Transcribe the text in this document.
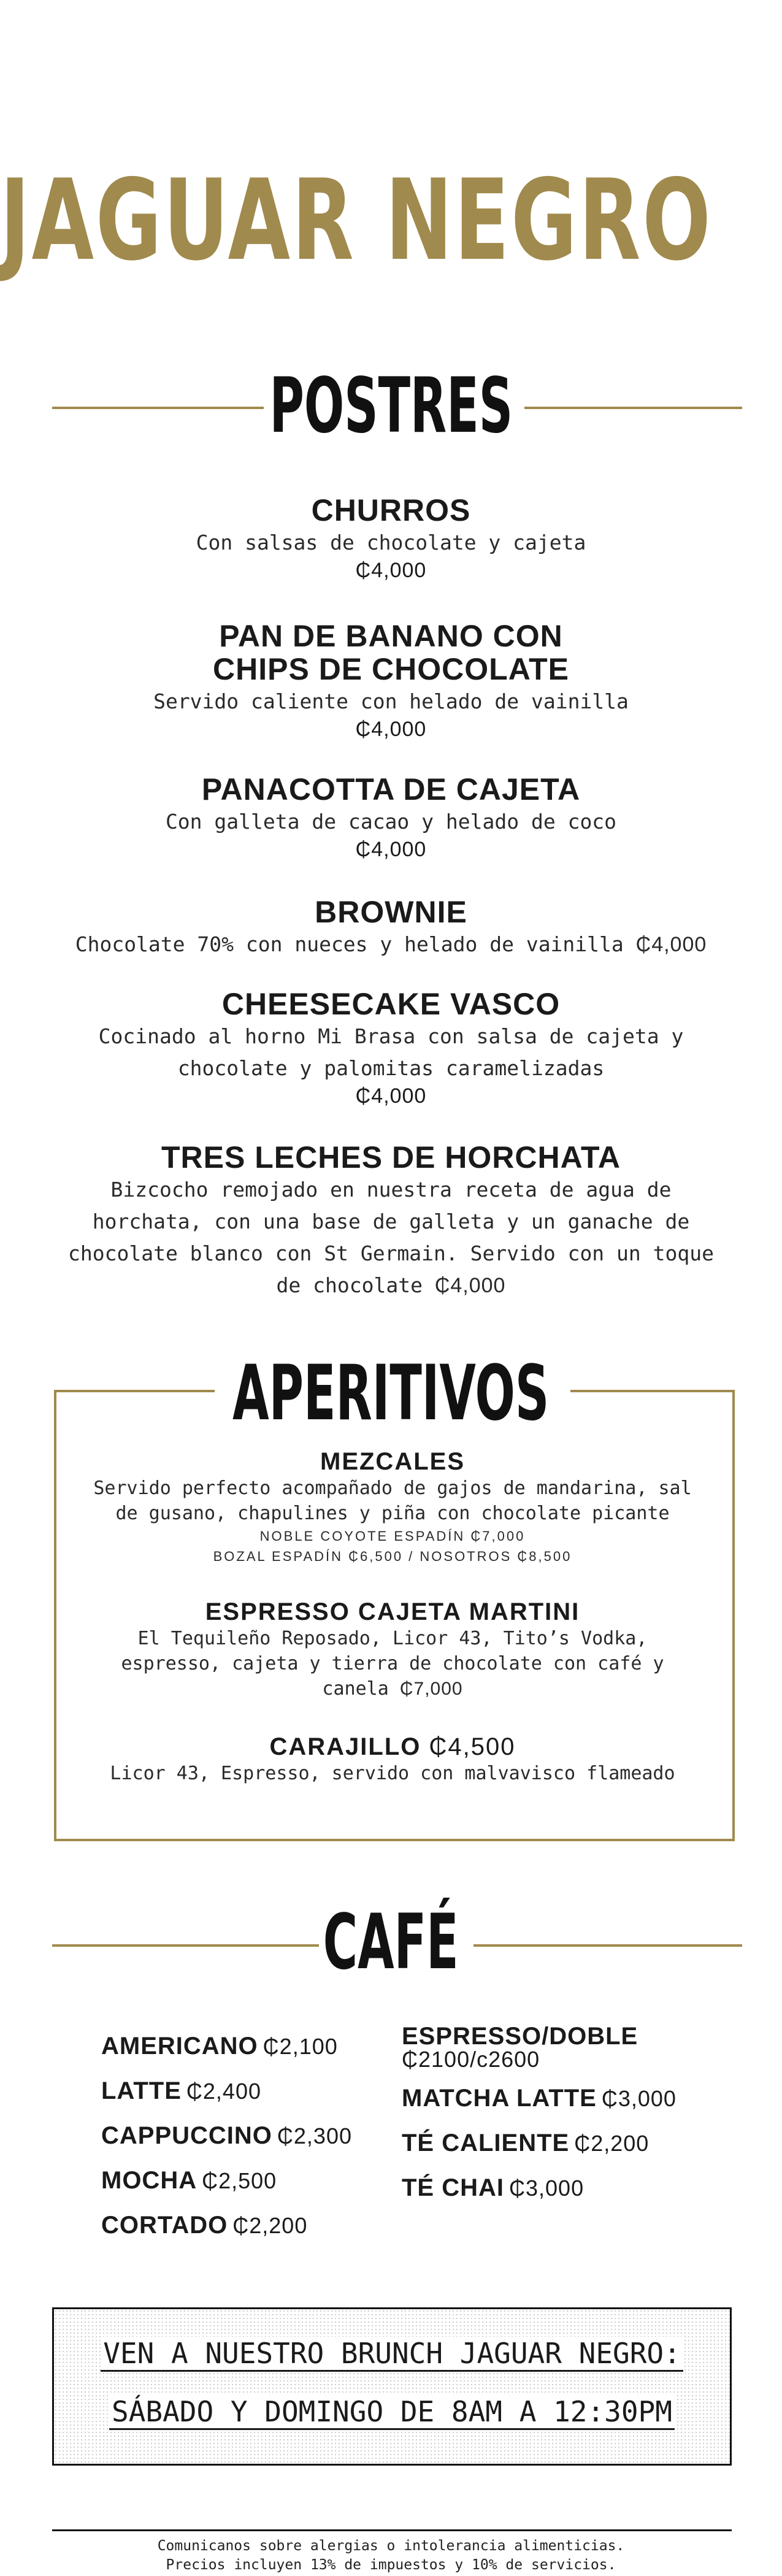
JAGUAR NEGRO
POSTRES
CHURROS
Con salsas de chocolate y cajeta
₵4,000
PAN DE BANANO CON
CHIPS DE CHOCOLATE
Servido caliente con helado de vainilla
₵4,000
PANACOTTA DE CAJETA
Con galleta de cacao y helado de coco
₵4,000
BROWNIE
Chocolate 70% con nueces y helado de vainilla ₵4,000
CHEESECAKE VASCO
Cocinado al horno Mi Brasa con salsa de cajeta y
chocolate y palomitas caramelizadas
₵4,000
TRES LECHES DE HORCHATA
Bizcocho remojado en nuestra receta de agua de
horchata, con una base de galleta y un ganache de
chocolate blanco con St Germain. Servido con un toque
de chocolate ₵4,000
APERITIVOS
MEZCALES
Servido perfecto acompañado de gajos de mandarina, sal
de gusano, chapulines y piña con chocolate picante
NOBLE COYOTE ESPADÍN ₵7,000
BOZAL ESPADÍN ₵6,500 / NOSOTROS ₵8,500
ESPRESSO CAJETA MARTINI
El Tequileño Reposado, Licor 43, Tito’s Vodka,
espresso, cajeta y tierra de chocolate con café y
canela ₵7,000
CARAJILLO ₵4,500
Licor 43, Espresso, servido con malvavisco flameado
CAFÉ
AMERICANO ₵2,100
LATTE ₵2,400
CAPPUCCINO ₵2,300
MOCHA ₵2,500
CORTADO ₵2,200
ESPRESSO/DOBLE
₵2100/c2600
MATCHA LATTE ₵3,000
TÉ CALIENTE ₵2,200
TÉ CHAI ₵3,000
VEN A NUESTRO BRUNCH JAGUAR NEGRO:
SÁBADO Y DOMINGO DE 8AM A 12:30PM
Comunicanos sobre alergias o intolerancia alimenticias.
Precios incluyen 13% de impuestos y 10% de servicios.
